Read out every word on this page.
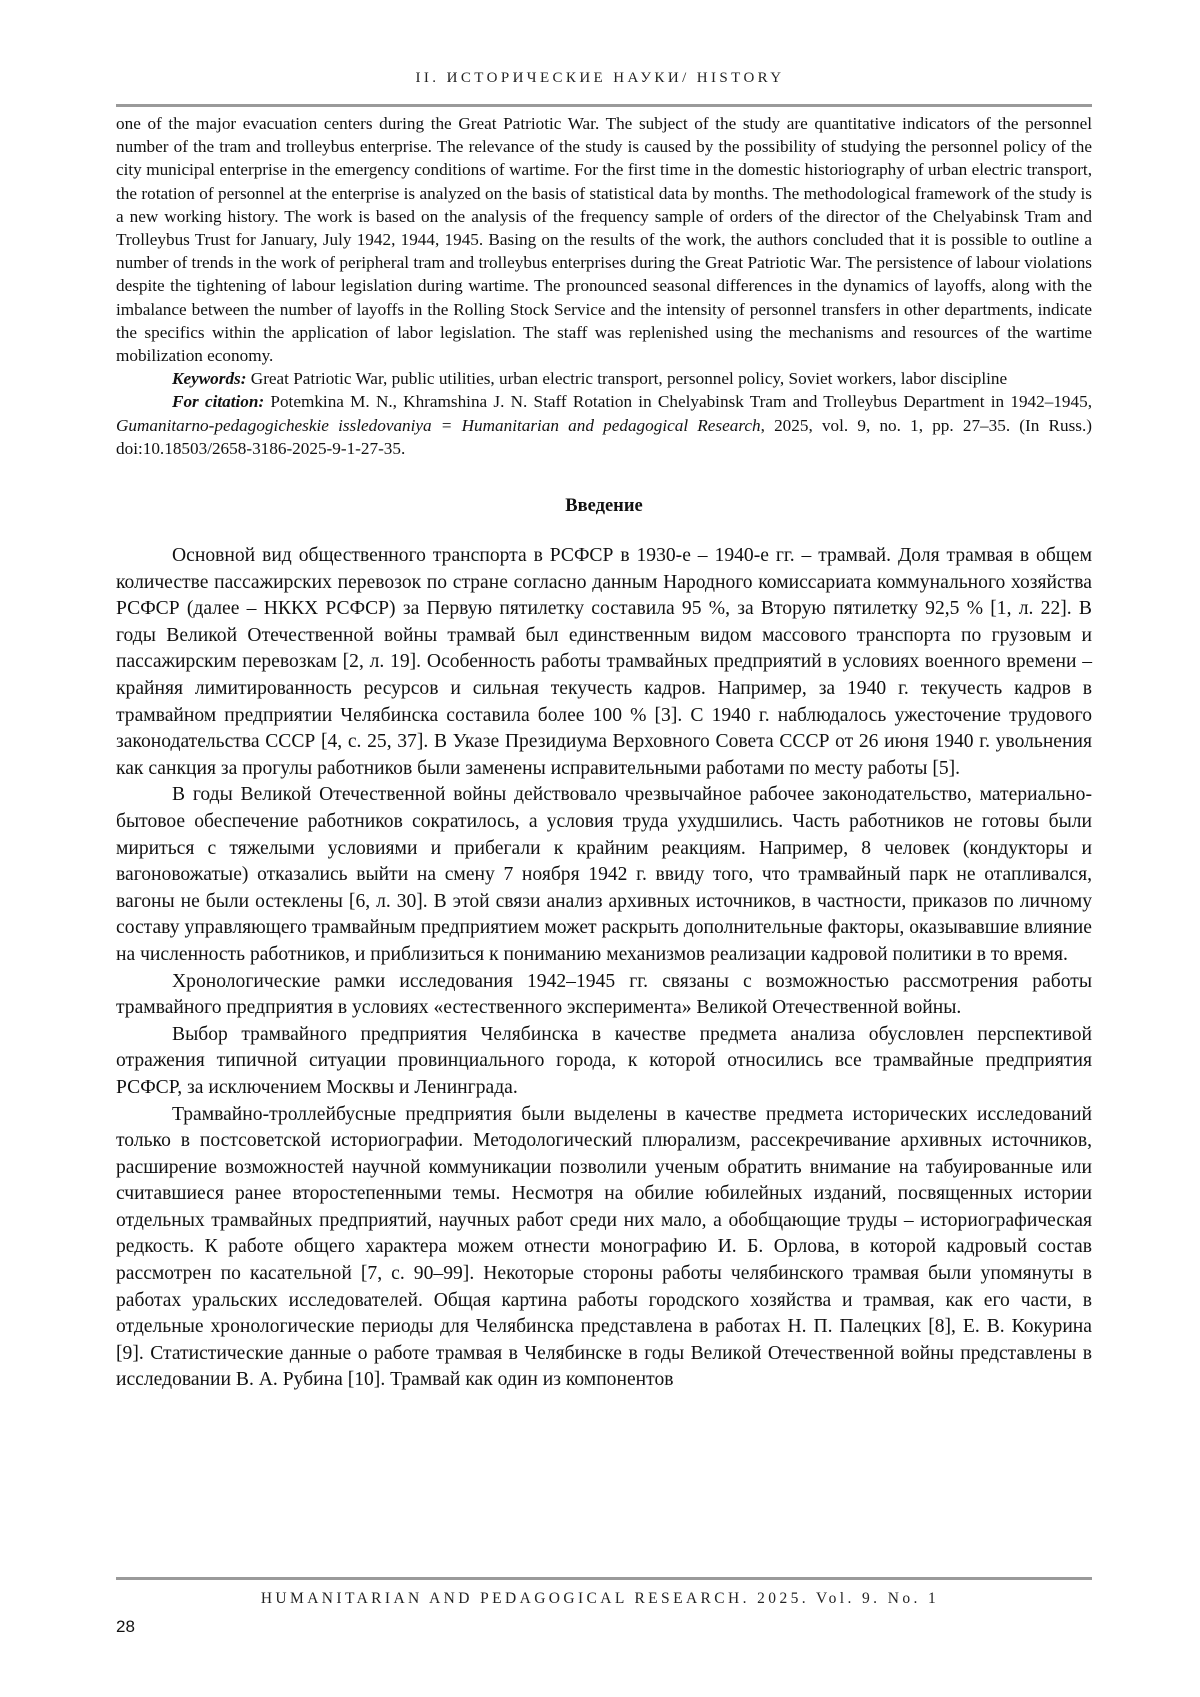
II. ИСТОРИЧЕСКИЕ НАУКИ/ HISTORY

one of the major evacuation centers during the Great Patriotic War. The subject of the study are quantitative indicators of the personnel number of the tram and trolleybus enterprise. The relevance of the study is caused by the possibility of studying the personnel policy of the city municipal enterprise in the emergency conditions of wartime. For the first time in the domestic historiography of urban electric transport, the rotation of personnel at the enterprise is analyzed on the basis of statistical data by months. The methodological framework of the study is a new working history. The work is based on the analysis of the frequency sample of orders of the director of the Chelyabinsk Tram and Trolleybus Trust for January, July 1942, 1944, 1945. Basing on the results of the work, the authors concluded that it is possible to outline a number of trends in the work of peripheral tram and trolleybus enterprises during the Great Patriotic War. The persistence of labour violations despite the tightening of labour legislation during wartime. The pronounced seasonal differences in the dynamics of layoffs, along with the imbalance between the number of layoffs in the Rolling Stock Service and the intensity of personnel transfers in other departments, indicate the specifics within the application of labor legislation. The staff was replenished using the mechanisms and resources of the wartime mobilization economy.

Keywords: Great Patriotic War, public utilities, urban electric transport, personnel policy, Soviet workers, labor discipline

For citation: Potemkina M. N., Khramshina J. N. Staff Rotation in Chelyabinsk Tram and Trolleybus Department in 1942–1945, Gumanitarno-pedagogicheskie issledovaniya = Humanitarian and pedagogical Research, 2025, vol. 9, no. 1, pp. 27–35. (In Russ.) doi:10.18503/2658-3186-2025-9-1-27-35.

Введение

Основной вид общественного транспорта в РСФСР в 1930-е – 1940-е гг. – трамвай. Доля трамвая в общем количестве пассажирских перевозок по стране согласно данным Народного комиссариата коммунального хозяйства РСФСР (далее – НККХ РСФСР) за Первую пятилетку составила 95 %, за Вторую пятилетку 92,5 % [1, л. 22]. В годы Великой Отечественной войны трамвай был единственным видом массового транспорта по грузовым и пассажирским перевозкам [2, л. 19]. Особенность работы трамвайных предприятий в условиях военного времени – крайняя лимитированность ресурсов и сильная текучесть кадров. Например, за 1940 г. текучесть кадров в трамвайном предприятии Челябинска составила более 100 % [3]. С 1940 г. наблюдалось ужесточение трудового законодательства СССР [4, с. 25, 37]. В Указе Президиума Верховного Совета СССР от 26 июня 1940 г. увольнения как санкция за прогулы работников были заменены исправительными работами по месту работы [5].

В годы Великой Отечественной войны действовало чрезвычайное рабочее законодательство, материально-бытовое обеспечение работников сократилось, а условия труда ухудшились. Часть работников не готовы были мириться с тяжелыми условиями и прибегали к крайним реакциям. Например, 8 человек (кондукторы и вагоновожатые) отказались выйти на смену 7 ноября 1942 г. ввиду того, что трамвайный парк не отапливался, вагоны не были остеклены [6, л. 30]. В этой связи анализ архивных источников, в частности, приказов по личному составу управляющего трамвайным предприятием может раскрыть дополнительные факторы, оказывавшие влияние на численность работников, и приблизиться к пониманию механизмов реализации кадровой политики в то время.

Хронологические рамки исследования 1942–1945 гг. связаны с возможностью рассмотрения работы трамвайного предприятия в условиях «естественного эксперимента» Великой Отечественной войны.

Выбор трамвайного предприятия Челябинска в качестве предмета анализа обусловлен перспективой отражения типичной ситуации провинциального города, к которой относились все трамвайные предприятия РСФСР, за исключением Москвы и Ленинграда.

Трамвайно-троллейбусные предприятия были выделены в качестве предмета исторических исследований только в постсоветской историографии. Методологический плюрализм, рассекречивание архивных источников, расширение возможностей научной коммуникации позволили ученым обратить внимание на табуированные или считавшиеся ранее второстепенными темы. Несмотря на обилие юбилейных изданий, посвященных истории отдельных трамвайных предприятий, научных работ среди них мало, а обобщающие труды – историографическая редкость. К работе общего характера можем отнести монографию И. Б. Орлова, в которой кадровый состав рассмотрен по касательной [7, с. 90–99]. Некоторые стороны работы челябинского трамвая были упомянуты в работах уральских исследователей. Общая картина работы городского хозяйства и трамвая, как его части, в отдельные хронологические периоды для Челябинска представлена в работах Н. П. Палецких [8], Е. В. Кокурина [9]. Статистические данные о работе трамвая в Челябинске в годы Великой Отечественной войны представлены в исследовании В. А. Рубина [10]. Трамвай как один из компонентов

HUMANITARIAN AND PEDAGOGICAL RESEARCH. 2025. Vol. 9. No. 1
28
